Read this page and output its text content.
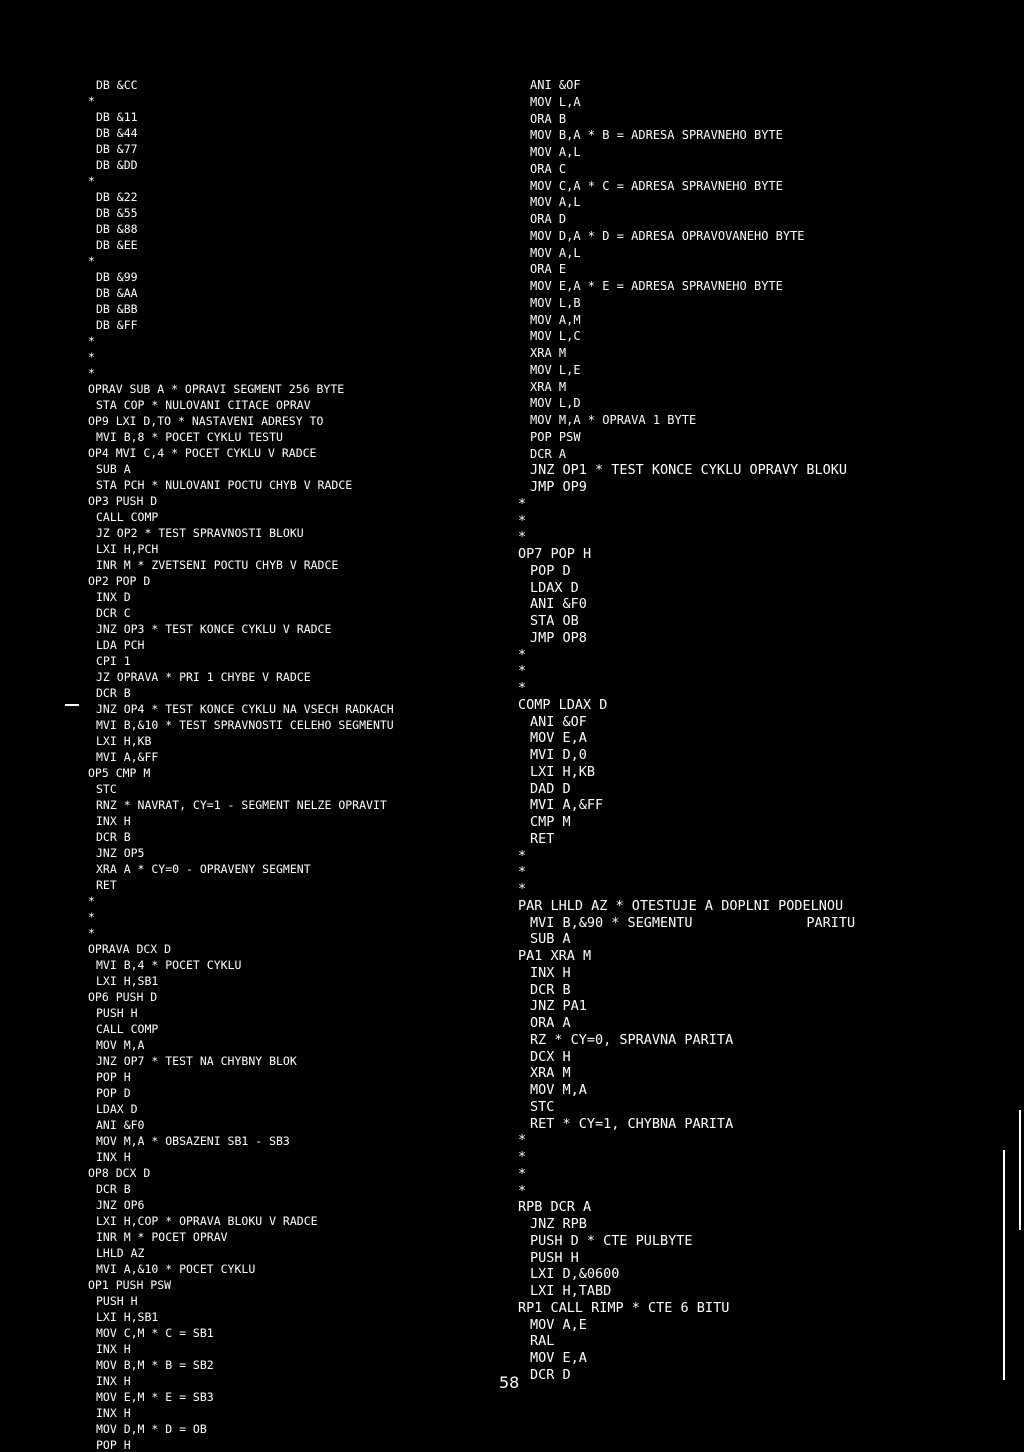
DB &CC
*
DB &11
DB &44
DB &77
DB &DD
*
DB &22
DB &55
DB &88
DB &EE
*
DB &99
DB &AA
DB &BB
DB &FF
*
*
*
OPRAV SUB A * OPRAVI SEGMENT 256 BYTE
STA COP * NULOVANI CITACE OPRAV
OP9 LXI D,TO * NASTAVENI ADRESY TO
MVI B,8 * POCET CYKLU TESTU
OP4 MVI C,4 * POCET CYKLU V RADCE
SUB A
STA PCH * NULOVANI POCTU CHYB V RADCE
OP3 PUSH D
CALL COMP
JZ OP2 * TEST SPRAVNOSTI BLOKU
LXI H,PCH
INR M * ZVETSENI POCTU CHYB V RADCE
OP2 POP D
INX D
DCR C
JNZ OP3 * TEST KONCE CYKLU V RADCE
LDA PCH
CPI 1
JZ OPRAVA * PRI 1 CHYBE V RADCE
DCR B
JNZ OP4 * TEST KONCE CYKLU NA VSECH RADKACH
MVI B,&10 * TEST SPRAVNOSTI CELEHO SEGMENTU
LXI H,KB
MVI A,&FF
OP5 CMP M
STC
RNZ * NAVRAT, CY=1 - SEGMENT NELZE OPRAVIT
INX H
DCR B
JNZ OP5
XRA A * CY=0 - OPRAVENY SEGMENT
RET
*
*
*
OPRAVA DCX D
MVI B,4 * POCET CYKLU
LXI H,SB1
OP6 PUSH D
PUSH H
CALL COMP
MOV M,A
JNZ OP7 * TEST NA CHYBNY BLOK
POP H
POP D
LDAX D
ANI &F0
MOV M,A * OBSAZENI SB1 - SB3
INX H
OP8 DCX D
DCR B
JNZ OP6
LXI H,COP * OPRAVA BLOKU V RADCE
INR M * POCET OPRAV
LHLD AZ
MVI A,&10 * POCET CYKLU
OP1 PUSH PSW
PUSH H
LXI H,SB1
MOV C,M * C = SB1
INX H
MOV B,M * B = SB2
INX H
MOV E,M * E = SB3
INX H
MOV D,M * D = OB
POP H
ANI &OF
MOV L,A
ORA B
MOV B,A * B = ADRESA SPRAVNEHO BYTE
MOV A,L
ORA C
MOV C,A * C = ADRESA SPRAVNEHO BYTE
MOV A,L
ORA D
MOV D,A * D = ADRESA OPRAVOVANEHO BYTE
MOV A,L
ORA E
MOV E,A * E = ADRESA SPRAVNEHO BYTE
MOV L,B
MOV A,M
MOV L,C
XRA M
MOV L,E
XRA M
MOV L,D
MOV M,A * OPRAVA 1 BYTE
POP PSW
DCR A
JNZ OP1 * TEST KONCE CYKLU OPRAVY BLOKU
JMP OP9
*
*
*
OP7 POP H
POP D
LDAX D
ANI &F0
STA OB
JMP OP8
*
*
*
COMP LDAX D
ANI &OF
MOV E,A
MVI D,0
LXI H,KB
DAD D
MVI A,&FF
CMP M
RET
*
*
*
PAR LHLD AZ * OTESTUJE A DOPLNI PODELNOU
MVI B,&90 * SEGMENTU              PARITU
SUB A
PA1 XRA M
INX H
DCR B
JNZ PA1
ORA A
RZ * CY=0, SPRAVNA PARITA
DCX H
XRA M
MOV M,A
STC
RET * CY=1, CHYBNA PARITA
*
*
*
*
RPB DCR A
JNZ RPB
PUSH D * CTE PULBYTE
PUSH H
LXI D,&0600
LXI H,TABD
RP1 CALL RIMP * CTE 6 BITU
MOV A,E
RAL
MOV E,A
DCR D
58
